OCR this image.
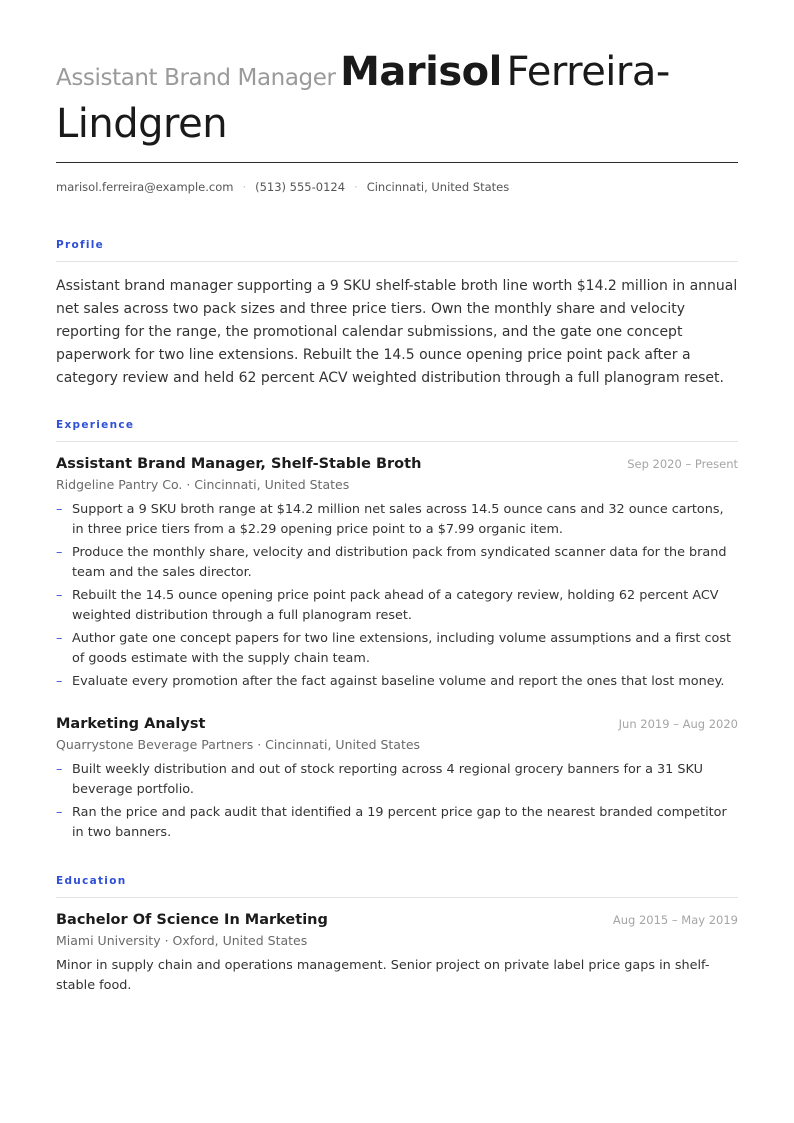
Assistant Brand Manager Marisol Ferreira-Lindgren
marisol.ferreira@example.com · (513) 555-0124 · Cincinnati, United States
Profile
Assistant brand manager supporting a 9 SKU shelf-stable broth line worth $14.2 million in annual net sales across two pack sizes and three price tiers. Own the monthly share and velocity reporting for the range, the promotional calendar submissions, and the gate one concept paperwork for two line extensions. Rebuilt the 14.5 ounce opening price point pack after a category review and held 62 percent ACV weighted distribution through a full planogram reset.
Experience
Assistant Brand Manager, Shelf-Stable Broth	Sep 2020 – Present
Ridgeline Pantry Co. · Cincinnati, United States
– Support a 9 SKU broth range at $14.2 million net sales across 14.5 ounce cans and 32 ounce cartons, in three price tiers from a $2.29 opening price point to a $7.99 organic item.
– Produce the monthly share, velocity and distribution pack from syndicated scanner data for the brand team and the sales director.
– Rebuilt the 14.5 ounce opening price point pack ahead of a category review, holding 62 percent ACV weighted distribution through a full planogram reset.
– Author gate one concept papers for two line extensions, including volume assumptions and a first cost of goods estimate with the supply chain team.
– Evaluate every promotion after the fact against baseline volume and report the ones that lost money.
Marketing Analyst	Jun 2019 – Aug 2020
Quarrystone Beverage Partners · Cincinnati, United States
– Built weekly distribution and out of stock reporting across 4 regional grocery banners for a 31 SKU beverage portfolio.
– Ran the price and pack audit that identified a 19 percent price gap to the nearest branded competitor in two banners.
Education
Bachelor Of Science In Marketing	Aug 2015 – May 2019
Miami University · Oxford, United States
Minor in supply chain and operations management. Senior project on private label price gaps in shelf-stable food.
